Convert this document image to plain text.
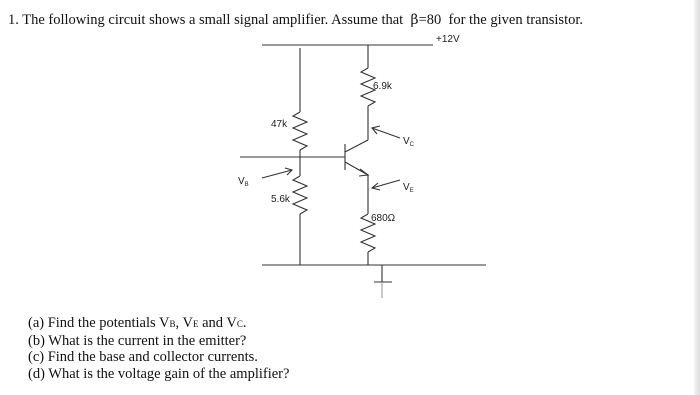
1. The following circuit shows a small signal amplifier. Assume that β=80 for the given transistor.
+12V
47k
5.6k
6.9k
680Ω
$V_B$
$V_C$
$V_E$
(a) Find the potentials VB, VE and VC.
(b) What is the current in the emitter?
(c) Find the base and collector currents.
(d) What is the voltage gain of the amplifier?
